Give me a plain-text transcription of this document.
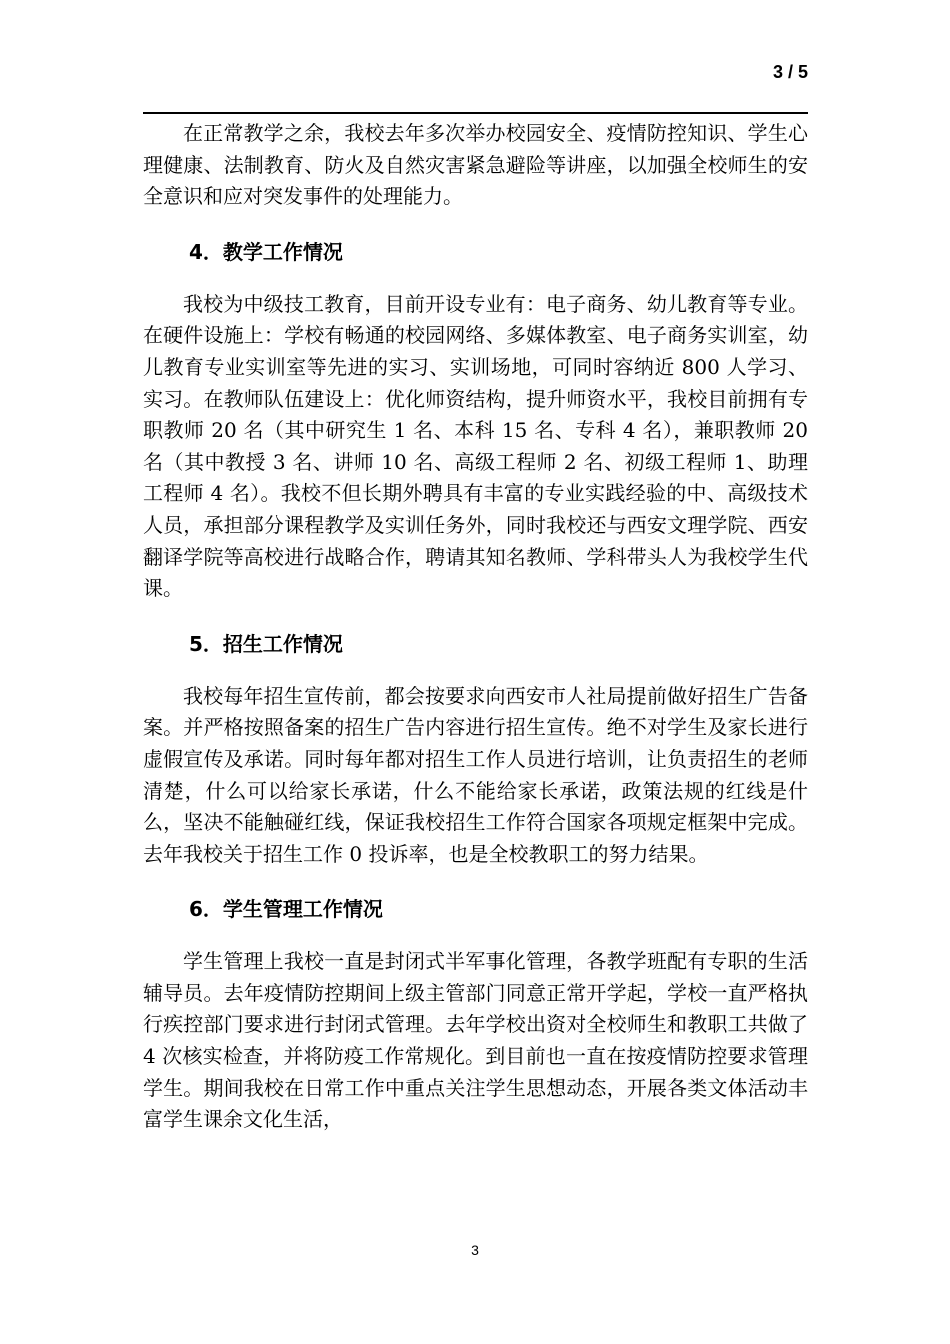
3 / 5

在正常教学之余，我校去年多次举办校园安全、疫情防控知识、学生心理健康、法制教育、防火及自然灾害紧急避险等讲座，以加强全校师生的安全意识和应对突发事件的处理能力。

4．教学工作情况

我校为中级技工教育，目前开设专业有：电子商务、幼儿教育等专业。在硬件设施上：学校有畅通的校园网络、多媒体教室、电子商务实训室，幼儿教育专业实训室等先进的实习、实训场地，可同时容纳近 800 人学习、实习。在教师队伍建设上：优化师资结构，提升师资水平，我校目前拥有专职教师 20 名（其中研究生 1 名、本科 15 名、专科 4 名），兼职教师 20 名（其中教授 3 名、讲师 10 名、高级工程师 2 名、初级工程师 1、助理工程师 4 名）。我校不但长期外聘具有丰富的专业实践经验的中、高级技术人员，承担部分课程教学及实训任务外，同时我校还与西安文理学院、西安翻译学院等高校进行战略合作，聘请其知名教师、学科带头人为我校学生代课。

5．招生工作情况

我校每年招生宣传前，都会按要求向西安市人社局提前做好招生广告备案。并严格按照备案的招生广告内容进行招生宣传。绝不对学生及家长进行虚假宣传及承诺。同时每年都对招生工作人员进行培训，让负责招生的老师清楚，什么可以给家长承诺，什么不能给家长承诺，政策法规的红线是什么，坚决不能触碰红线，保证我校招生工作符合国家各项规定框架中完成。去年我校关于招生工作 0 投诉率，也是全校教职工的努力结果。

6．学生管理工作情况

学生管理上我校一直是封闭式半军事化管理，各教学班配有专职的生活辅导员。去年疫情防控期间上级主管部门同意正常开学起，学校一直严格执行疾控部门要求进行封闭式管理。去年学校出资对全校师生和教职工共做了 4 次核实检查，并将防疫工作常规化。到目前也一直在按疫情防控要求管理学生。期间我校在日常工作中重点关注学生思想动态，开展各类文体活动丰富学生课余文化生活，

3
